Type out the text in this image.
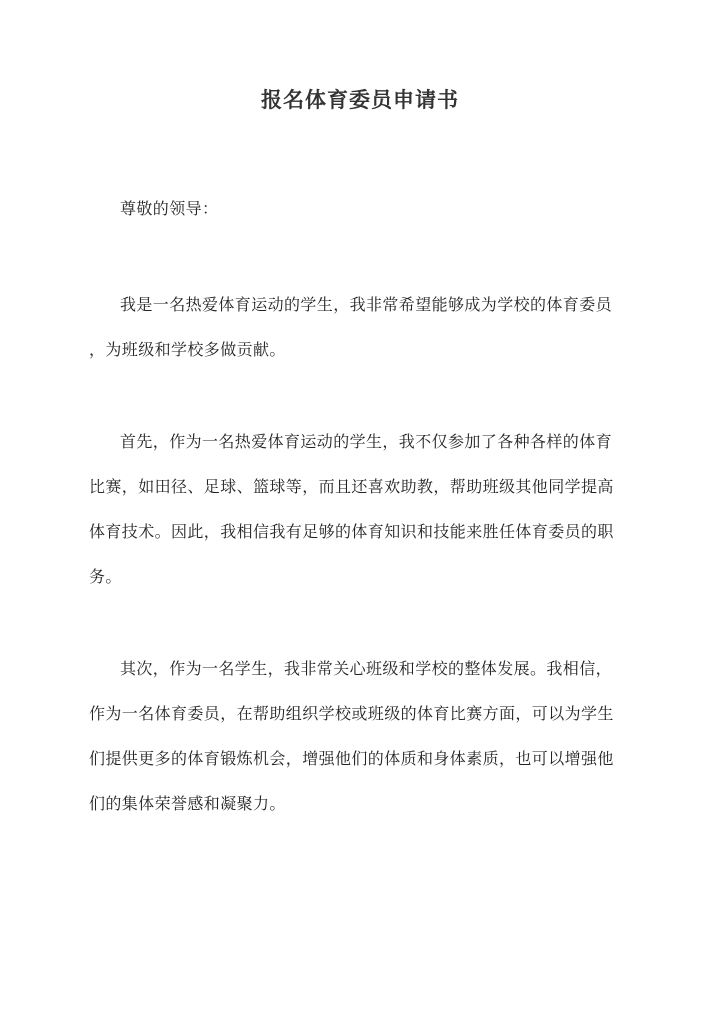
报名体育委员申请书
尊敬的领导：
我是一名热爱体育运动的学生，我非常希望能够成为学校的体育委员
，为班级和学校多做贡献。
首先，作为一名热爱体育运动的学生，我不仅参加了各种各样的体育
比赛，如田径、足球、篮球等，而且还喜欢助教，帮助班级其他同学提高
体育技术。因此，我相信我有足够的体育知识和技能来胜任体育委员的职
务。
其次，作为一名学生，我非常关心班级和学校的整体发展。我相信，
作为一名体育委员，在帮助组织学校或班级的体育比赛方面，可以为学生
们提供更多的体育锻炼机会，增强他们的体质和身体素质，也可以增强他
们的集体荣誉感和凝聚力。
